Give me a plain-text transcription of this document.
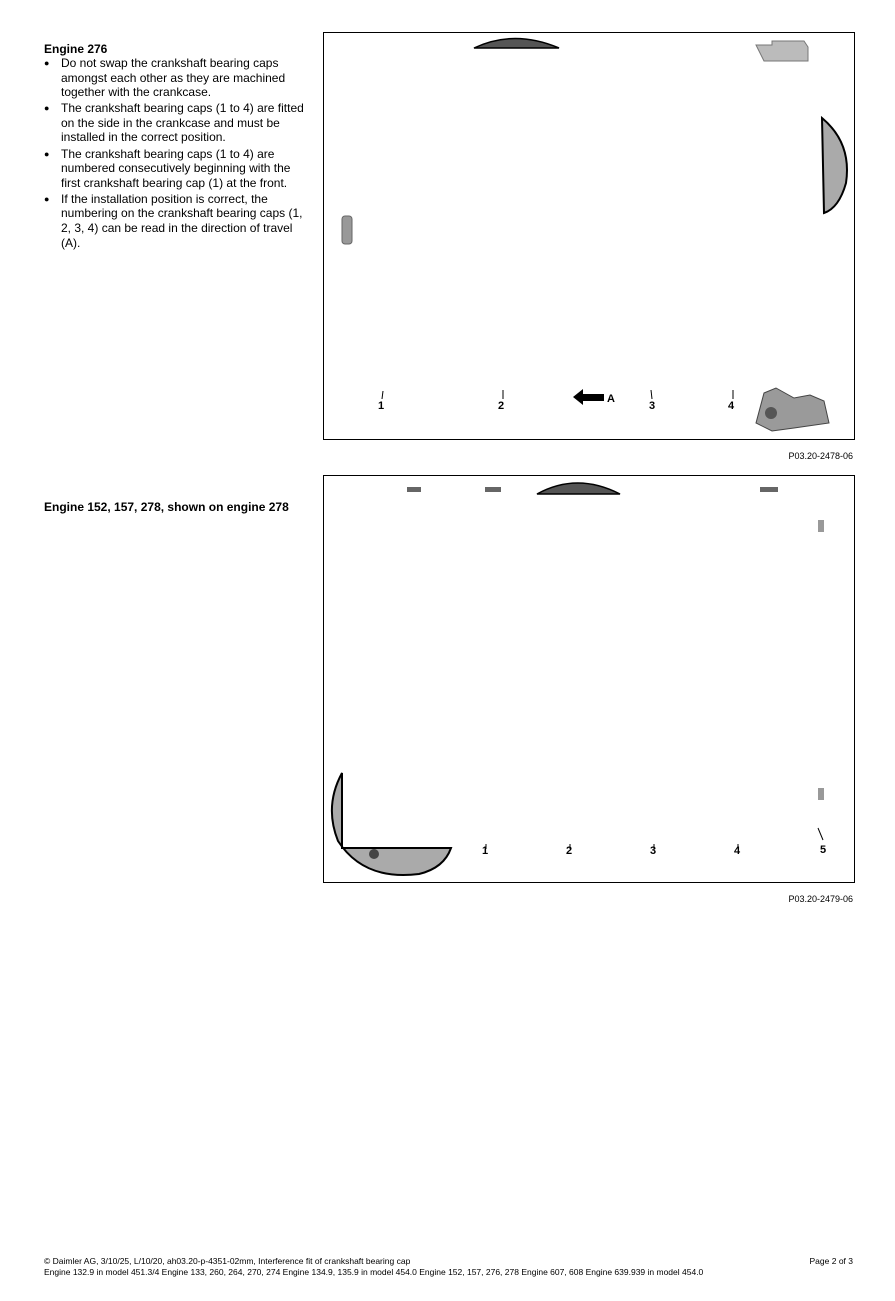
Engine 276
● Do not swap the crankshaft bearing caps amongst each other as they are machined together with the crankcase.
● The crankshaft bearing caps (1 to 4) are fitted on the side in the crankcase and must be installed in the correct position.
● The crankshaft bearing caps (1 to 4) are numbered consecutively beginning with the first crankshaft bearing cap (1) at the front.
● If the installation position is correct, the numbering on the crankshaft bearing caps (1, 2, 3, 4) can be read in the direction of travel (A).
1	2
A
3	4
P03.20-2478-06
Engine 152, 157, 278, shown on engine 278
1	2	3	4	5
P03.20-2479-06
© Daimler AG, 3/10/25, L/10/20, ah03.20-p-4351-02mm, Interference fit of crankshaft bearing cap
Engine 132.9 in model 451.3/4 Engine 133, 260, 264, 270, 274 Engine 134.9, 135.9 in model 454.0 Engine 152, 157, 276, 278 Engine 607, 608 Engine 639.939 in model 454.0
Page 2 of 3
